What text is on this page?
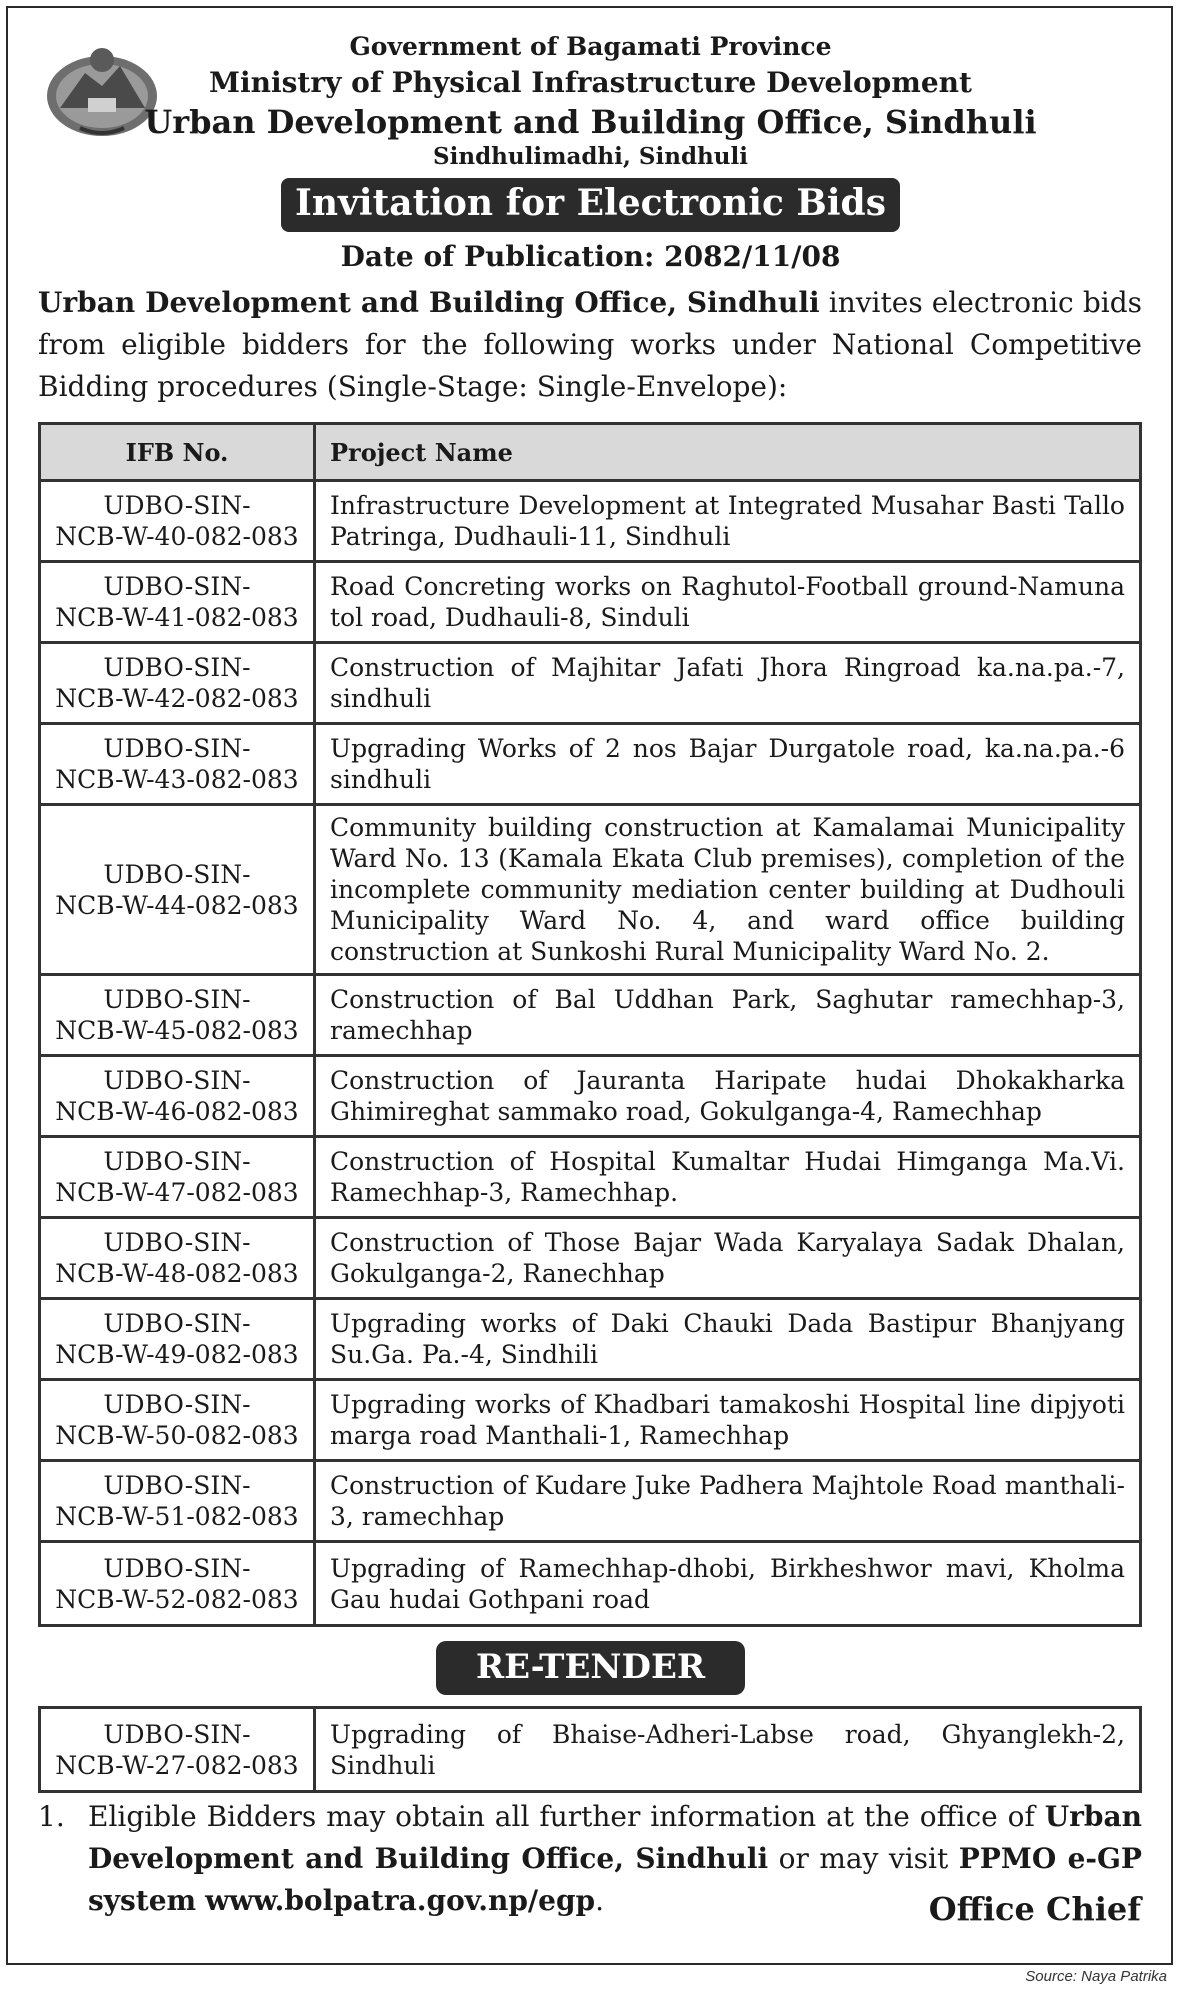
Government of Bagamati Province
Ministry of Physical Infrastructure Development
Urban Development and Building Office, Sindhuli
Sindhulimadhi, Sindhuli
Invitation for Electronic Bids
Date of Publication: 2082/11/08
Urban Development and Building Office, Sindhuli invites electronic bids from eligible bidders for the following works under National Competitive Bidding procedures (Single-Stage: Single-Envelope):
IFB No.	Project Name

UDBO-SIN-
NCB-W-40-082-083	Infrastructure Development at Integrated Musahar Basti Tallo Patringa, Dudhauli-11, Sindhuli

UDBO-SIN-
NCB-W-41-082-083	Road Concreting works on Raghutol-Football ground-Namuna tol road, Dudhauli-8, Sinduli

UDBO-SIN-
NCB-W-42-082-083	Construction of Majhitar Jafati Jhora Ringroad ka.na.pa.-7, sindhuli

UDBO-SIN-
NCB-W-43-082-083	Upgrading Works of 2 nos Bajar Durgatole road, ka.na.pa.-6 sindhuli

UDBO-SIN-
NCB-W-44-082-083	Community building construction at Kamalamai Municipality Ward No. 13 (Kamala Ekata Club premises), completion of the incomplete community mediation center building at Dudhouli Municipality Ward No. 4, and ward office building construction at Sunkoshi Rural Municipality Ward No. 2.

UDBO-SIN-
NCB-W-45-082-083	Construction of Bal Uddhan Park, Saghutar ramechhap-3, ramechhap

UDBO-SIN-
NCB-W-46-082-083	Construction of Jauranta Haripate hudai Dhokakharka Ghimireghat sammako road, Gokulganga-4, Ramechhap

UDBO-SIN-
NCB-W-47-082-083	Construction of Hospital Kumaltar Hudai Himganga Ma.Vi. Ramechhap-3, Ramechhap.

UDBO-SIN-
NCB-W-48-082-083	Construction of Those Bajar Wada Karyalaya Sadak Dhalan, Gokulganga-2, Ranechhap

UDBO-SIN-
NCB-W-49-082-083	Upgrading works of Daki Chauki Dada Bastipur Bhanjyang Su.Ga. Pa.-4, Sindhili

UDBO-SIN-
NCB-W-50-082-083	Upgrading works of Khadbari tamakoshi Hospital line dipjyoti marga road Manthali-1, Ramechhap

UDBO-SIN-
NCB-W-51-082-083	Construction of Kudare Juke Padhera Majhtole Road manthali-3, ramechhap

UDBO-SIN-
NCB-W-52-082-083	Upgrading of Ramechhap-dhobi, Birkheshwor mavi, Kholma Gau hudai Gothpani road
RE-TENDER
UDBO-SIN-
NCB-W-27-082-083
	Upgrading of Bhaise-Adheri-Labse road, Ghyanglekh-2, Sindhuli
1. Eligible Bidders may obtain all further information at the office of Urban Development and Building Office, Sindhuli or may visit PPMO e-GP system www.bolpatra.gov.np/egp.	Office Chief
Source: Naya Patrika
